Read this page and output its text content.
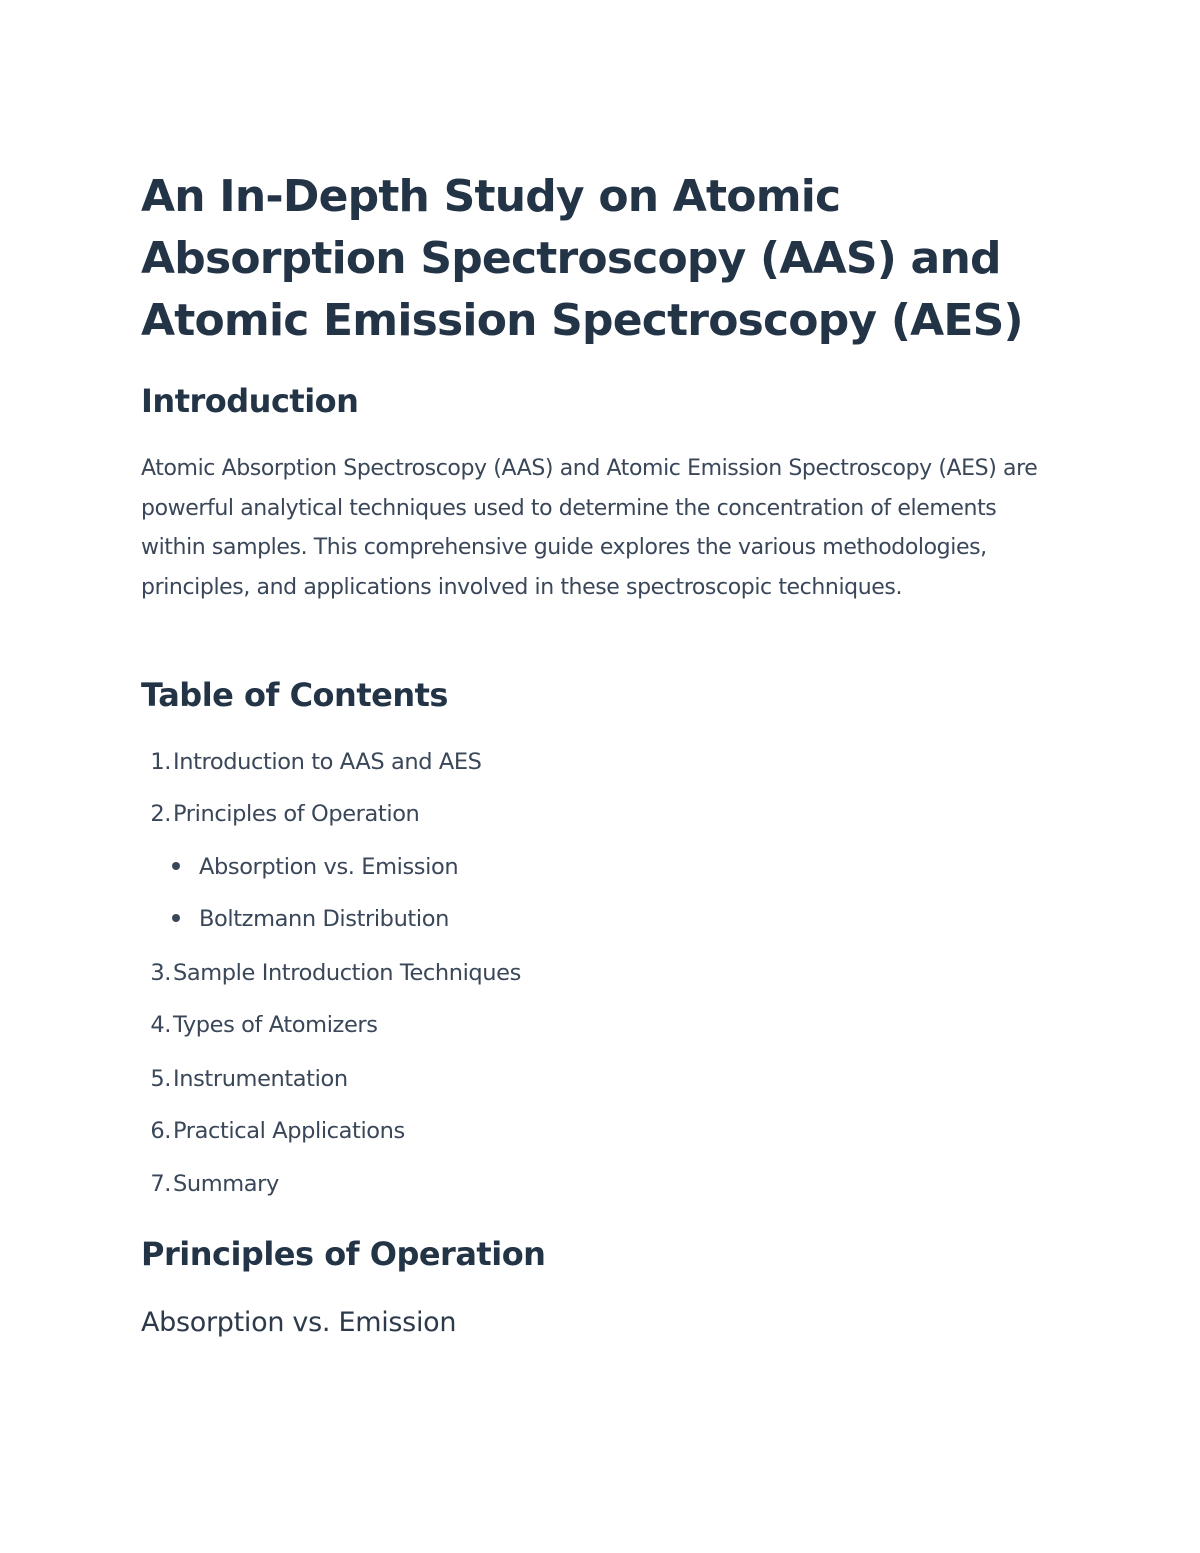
An In-Depth Study on Atomic Absorption Spectroscopy (AAS) and Atomic Emission Spectroscopy (AES)
Introduction

Atomic Absorption Spectroscopy (AAS) and Atomic Emission Spectroscopy (AES) are powerful analytical techniques used to determine the concentration of elements within samples. This comprehensive guide explores the various methodologies, principles, and applications involved in these spectroscopic techniques.

Table of Contents
1.Introduction to AAS and AES
2.Principles of Operation
Absorption vs. Emission
Boltzmann Distribution
3.Sample Introduction Techniques
4.Types of Atomizers
5.Instrumentation
6.Practical Applications
7.Summary
Principles of Operation
Absorption vs. Emission
